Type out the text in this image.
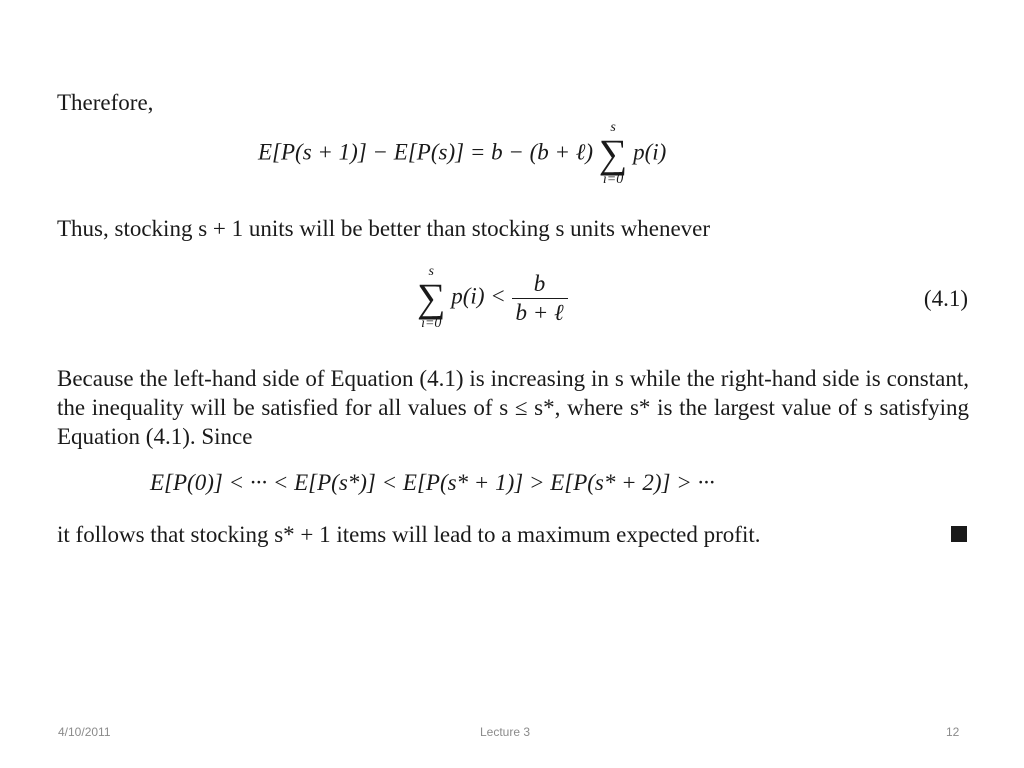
Therefore,

E[P(s + 1)] − E[P(s)] = b − (b + ℓ)
s
∑
i=0
p(i)

Thus, stocking s + 1 units will be better than stocking s units whenever

s
∑
i=0
$p(i) < \frac{b}{\text{b + ℓ}}$	(4.1)

Because the left-hand side of Equation (4.1) is increasing in s while the right-hand side is constant, the inequality will be satisfied for all values of s ≤ s*, where s* is the largest value of s satisfying Equation (4.1). Since

E[P(0)] < ··· < E[P(s*)] < E[P(s* + 1)] > E[P(s* + 2)] > ···

it follows that stocking s* + 1 items will lead to a maximum expected profit.

4/10/2011	Lecture 3	12
